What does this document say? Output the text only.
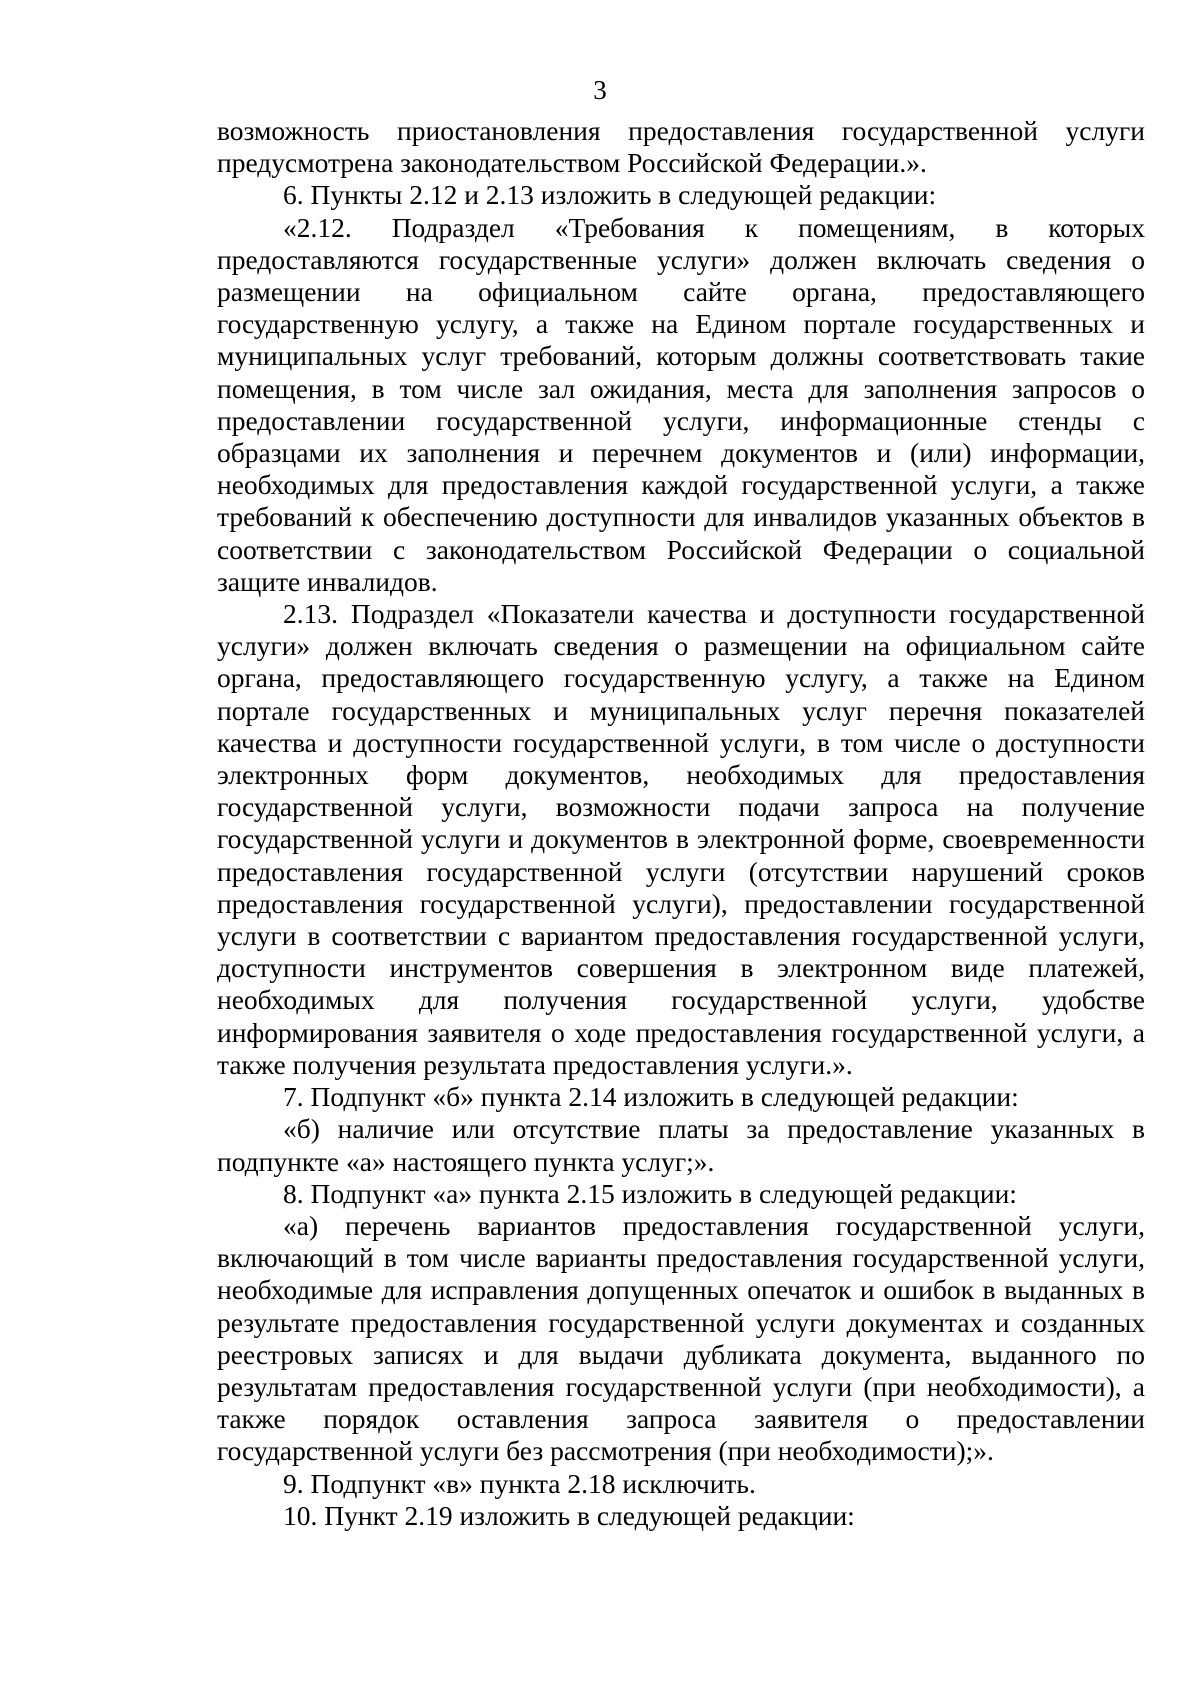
3

возможность приостановления предоставления государственной услуги предусмотрена законодательством Российской Федерации.».

6. Пункты 2.12 и 2.13 изложить в следующей редакции:

«2.12. Подраздел «Требования к помещениям, в которых предоставляются государственные услуги» должен включать сведения о размещении на официальном сайте органа, предоставляющего государственную услугу, а также на Едином портале государственных и муниципальных услуг требований, которым должны соответствовать такие помещения, в том числе зал ожидания, места для заполнения запросов о предоставлении государственной услуги, информационные стенды с образцами их заполнения и перечнем документов и (или) информации, необходимых для предоставления каждой государственной услуги, а также требований к обеспечению доступности для инвалидов указанных объектов в соответствии с законодательством Российской Федерации о социальной защите инвалидов.

2.13. Подраздел «Показатели качества и доступности государственной услуги» должен включать сведения о размещении на официальном сайте органа, предоставляющего государственную услугу, а также на Едином портале государственных и муниципальных услуг перечня показателей качества и доступности государственной услуги, в том числе о доступности электронных форм документов, необходимых для предоставления государственной услуги, возможности подачи запроса на получение государственной услуги и документов в электронной форме, своевременности предоставления государственной услуги (отсутствии нарушений сроков предоставления государственной услуги), предоставлении государственной услуги в соответствии с вариантом предоставления государственной услуги, доступности инструментов совершения в электронном виде платежей, необходимых для получения государственной услуги, удобстве информирования заявителя о ходе предоставления государственной услуги, а также получения результата предоставления услуги.».

7. Подпункт «б» пункта 2.14 изложить в следующей редакции:

«б) наличие или отсутствие платы за предоставление указанных в подпункте «а» настоящего пункта услуг;».

8. Подпункт «а» пункта 2.15 изложить в следующей редакции:

«а) перечень вариантов предоставления государственной услуги, включающий в том числе варианты предоставления государственной услуги, необходимые для исправления допущенных опечаток и ошибок в выданных в результате предоставления государственной услуги документах и созданных реестровых записях и для выдачи дубликата документа, выданного по результатам предоставления государственной услуги (при необходимости), а также порядок оставления запроса заявителя о предоставлении государственной услуги без рассмотрения (при необходимости);».

9. Подпункт «в» пункта 2.18 исключить.

10. Пункт 2.19 изложить в следующей редакции:
